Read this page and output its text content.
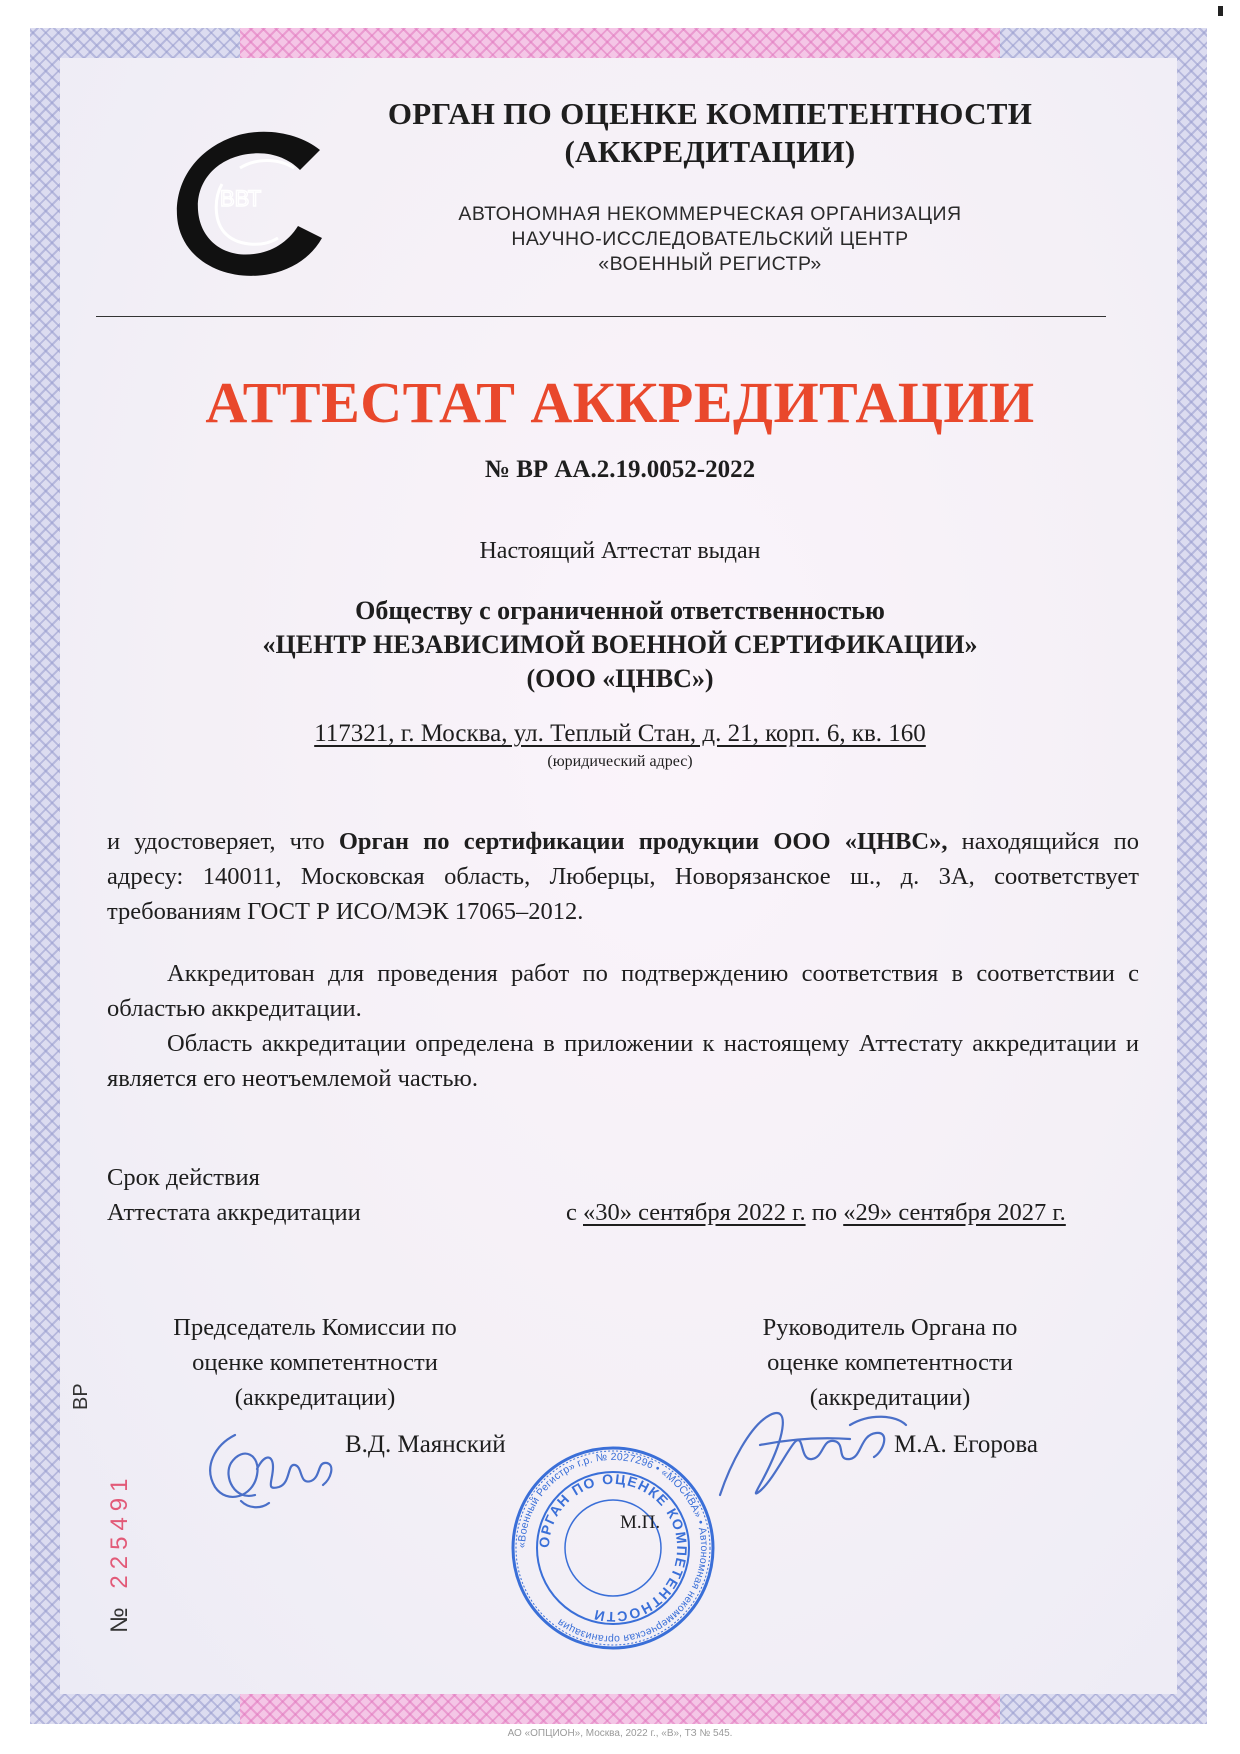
ВВТ
ОРГАН ПО ОЦЕНКЕ КОМПЕТЕНТНОСТИ
(АККРЕДИТАЦИИ)
АВТОНОМНАЯ НЕКОММЕРЧЕСКАЯ ОРГАНИЗАЦИЯ
НАУЧНО-ИССЛЕДОВАТЕЛЬСКИЙ ЦЕНТР
«ВОЕННЫЙ РЕГИСТР»
АТТЕСТАТ АККРЕДИТАЦИИ
№ ВР АА.2.19.0052-2022
Настоящий Аттестат выдан
Обществу с ограниченной ответственностью
«ЦЕНТР НЕЗАВИСИМОЙ ВОЕННОЙ СЕРТИФИКАЦИИ»
(ООО «ЦНВС»)
117321, г. Москва, ул. Теплый Стан, д. 21, корп. 6, кв. 160
(юридический адрес)

и удостоверяет, что Орган по сертификации продукции ООО «ЦНВС», находящийся по адресу: 140011, Московская область, Люберцы, Новорязанское ш., д. 3А, соответствует требованиям ГОСТ Р ИСО/МЭК 17065–2012.

Аккредитован для проведения работ по подтверждению соответствия в соответствии с областью аккредитации.

Область аккредитации определена в приложении к настоящему Аттестату аккредитации и является его неотъемлемой частью.

Срок действия
Аттестата аккредитации	с «30» сентября 2022 г. по «29» сентября 2027 г.
Председатель Комиссии по
оценке компетентности
(аккредитации)
Руководитель Органа по
оценке компетентности
(аккредитации)
В.Д. Маянский	М.А. Егорова
«Военный Регистр» г.р. № 2027296 • «МОСКВА» • Автономная некоммерческая организация
ОРГАН ПО ОЦЕНКЕ КОМПЕТЕНТНОСТИ
М.П.
ВР
№ 225491
АО «ОПЦИОН», Москва, 2022 г., «В», ТЗ № 545.
